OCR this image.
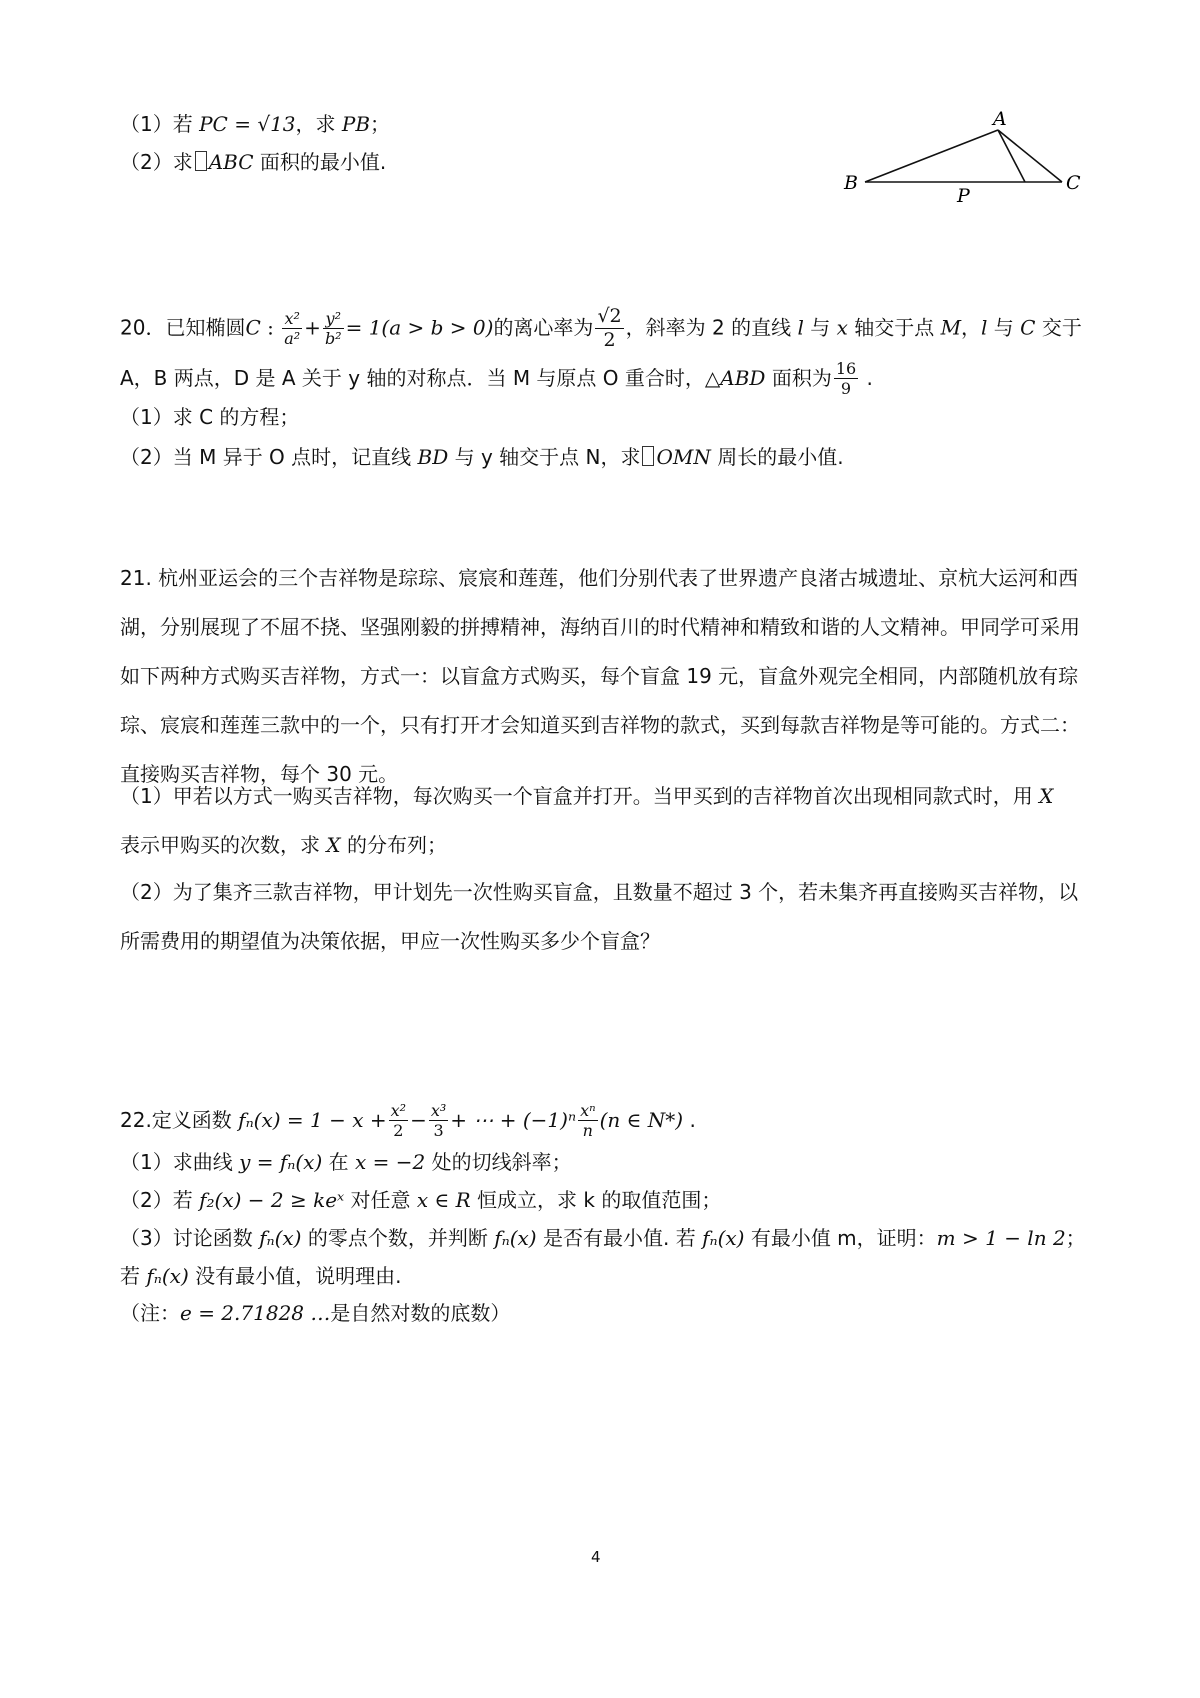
（1）若 PC = √13，求 PB；
（2）求 ABC 面积的最小值.
A
B	C
P
20．已知椭圆C : $\frac{\text{x²}}{\text{a²}} + \frac{\text{y²}}{\text{b²}} = 1(a > b > 0)$的离心率为 $\frac{√2}{2}$ ，斜率为 2 的直线 l 与 x 轴交于点 M，l 与 C 交于
A，B 两点，D 是 A 关于 y 轴的对称点．当 M 与原点 O 重合时，△ABD 面积为 $\frac{16}{9}$ .
（1）求 C 的方程；
（2）当 M 异于 O 点时，记直线 BD 与 y 轴交于点 N，求 OMN 周长的最小值.
21. 杭州亚运会的三个吉祥物是琮琮、宸宸和莲莲，他们分别代表了世界遗产良渚古城遗址、京杭大运河和西湖，分别展现了不屈不挠、坚强刚毅的拼搏精神，海纳百川的时代精神和精致和谐的人文精神。甲同学可采用如下两种方式购买吉祥物，方式一：以盲盒方式购买，每个盲盒 19 元，盲盒外观完全相同，内部随机放有琮琮、宸宸和莲莲三款中的一个，只有打开才会知道买到吉祥物的款式，买到每款吉祥物是等可能的。方式二：直接购买吉祥物，每个 30 元。
（1）甲若以方式一购买吉祥物，每次购买一个盲盒并打开。当甲买到的吉祥物首次出现相同款式时，用 X
表示甲购买的次数，求 X 的分布列；
（2）为了集齐三款吉祥物，甲计划先一次性购买盲盒，且数量不超过 3 个，若未集齐再直接购买吉祥物，以所需费用的期望值为决策依据，甲应一次性购买多少个盲盒？
22.定义函数 $f_n(x) = 1 - x + \frac{\text{x²}}{2} - \frac{\text{x³}}{3}$ + ⋯ + $(-1)^n \frac{\text{xⁿ}}{n} (n$ ∈ N*) .
（1）求曲线 y = fₙ(x) 在 x = −2 处的切线斜率；
（2）若 f₂(x) − 2 ≥ keˣ 对任意 x ∈ R 恒成立，求 k 的取值范围；
（3）讨论函数 fₙ(x) 的零点个数，并判断 fₙ(x) 是否有最小值. 若 fₙ(x) 有最小值 m，证明：m > 1 − ln 2；
若 fₙ(x) 没有最小值，说明理由.
（注：e = 2.71828 …是自然对数的底数）
4
